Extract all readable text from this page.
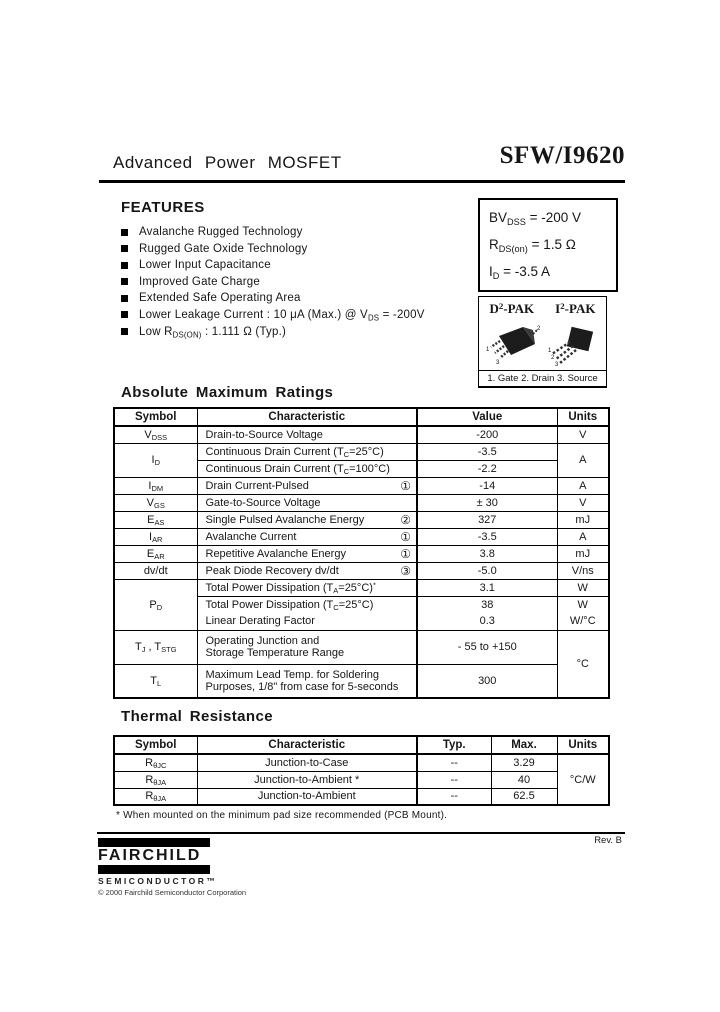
Advanced Power MOSFET	SFW/I9620
FEATURES
Avalanche Rugged Technology
Rugged Gate Oxide Technology
Lower Input Capacitance
Improved Gate Charge
Extended Safe Operating Area
Lower Leakage Current : 10 μA (Max.) @ $V_{DS} = -200V$
Low $R_{DS(ON)}$ : 1.111 Ω (Typ.)
$BV_{DSS} = -200$ V
$R_{DS(on)} = 1.5$ Ω
$I_D = -3.5$ A
$D^2$-PAK $I^2$-PAK
1
2
3
1
2
3
1. Gate 2. Drain 3. Source
Absolute Maximum Ratings
Symbol	Characteristic	Value	Units
$V_{DSS}$	Drain-to-Source Voltage	-200	V
$I_D$	Continuous Drain Current $(T_C=25^\circ C)$	-3.5	A
	Continuous Drain Current $(T_C=100^\circ C)$	-2.2	
$I_{DM}$	Drain Current-Pulsed ①	-14	A
$V_{GS}$	Gate-to-Source Voltage	± 30	V
$E_{AS}$	Single Pulsed Avalanche Energy ②	327	mJ
$I_{AR}$	Avalanche Current ①	-3.5	A
$E_{AR}$	Repetitive Avalanche Energy ①	3.8	mJ
dv/dt	Peak Diode Recovery dv/dt ③	-5.0	V/ns
$P_D$	Total Power Dissipation $(T_A=25^\circ C)^*$	3.1	W
	Total Power Dissipation $(T_C=25^\circ C)$	38	W
	Linear Derating Factor	0.3	W/°C
$T_J$ , $T_{STG}$	Operating Junction and
Storage Temperature Range	- 55 to +150	°C
$T_L$	Maximum Lead Temp. for Soldering
Purposes, 1/8" from case for 5-seconds	300	
Thermal Resistance
Symbol	Characteristic	Typ.	Max.	Units
$R_{\theta JC}$	Junction-to-Case	--	3.29	°C/W
$R_{\theta JA}$	Junction-to-Ambient *	--	40	
$R_{\theta JA}$	Junction-to-Ambient	--	62.5	
* When mounted on the minimum pad size recommended (PCB Mount).
Rev. B
FAIRCHILD
SEMICONDUCTOR™
© 2000 Fairchild Semiconductor Corporation
